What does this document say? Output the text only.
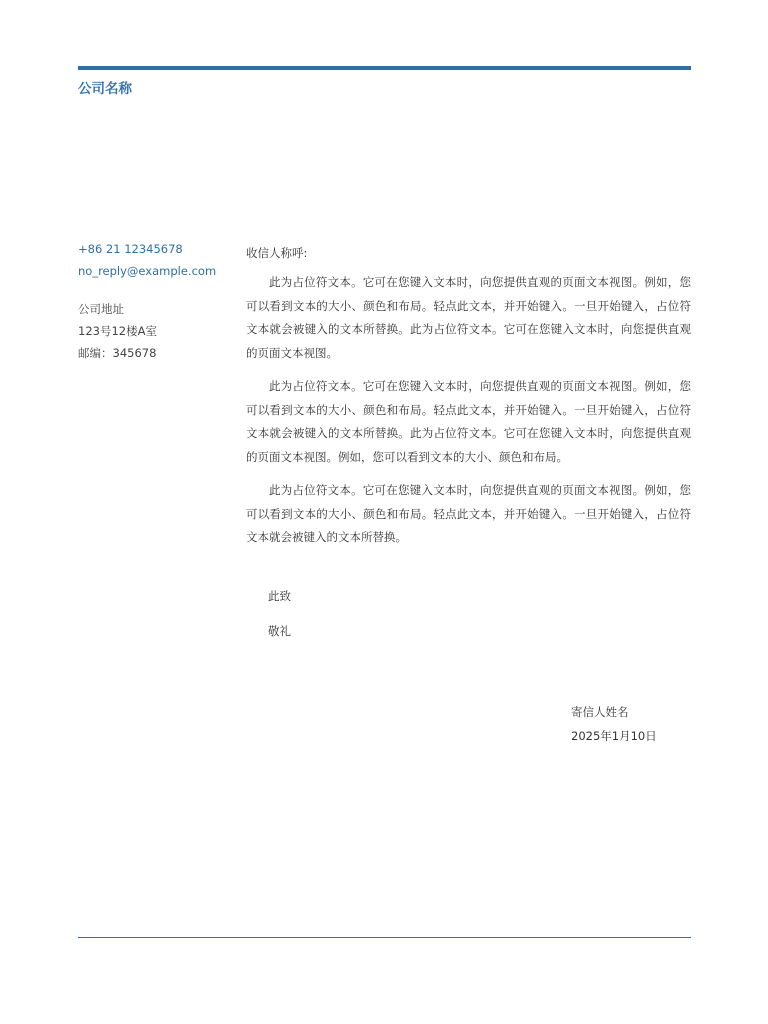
公司名称
+86 21 12345678
no_reply@example.com
公司地址
123号12楼A室
邮编：345678

收信人称呼:

此为占位符文本。它可在您键入文本时，向您提供直观的页面文本视图。例如，您可以看到文本的大小、颜色和布局。轻点此文本，并开始键入。一旦开始键入，占位符文本就会被键入的文本所替换。此为占位符文本。它可在您键入文本时，向您提供直观的页面文本视图。

此为占位符文本。它可在您键入文本时，向您提供直观的页面文本视图。例如，您可以看到文本的大小、颜色和布局。轻点此文本，并开始键入。一旦开始键入，占位符文本就会被键入的文本所替换。此为占位符文本。它可在您键入文本时，向您提供直观的页面文本视图。例如，您可以看到文本的大小、颜色和布局。

此为占位符文本。它可在您键入文本时，向您提供直观的页面文本视图。例如，您可以看到文本的大小、颜色和布局。轻点此文本，并开始键入。一旦开始键入，占位符文本就会被键入的文本所替换。

此致
敬礼
寄信人姓名
2025年1月10日
